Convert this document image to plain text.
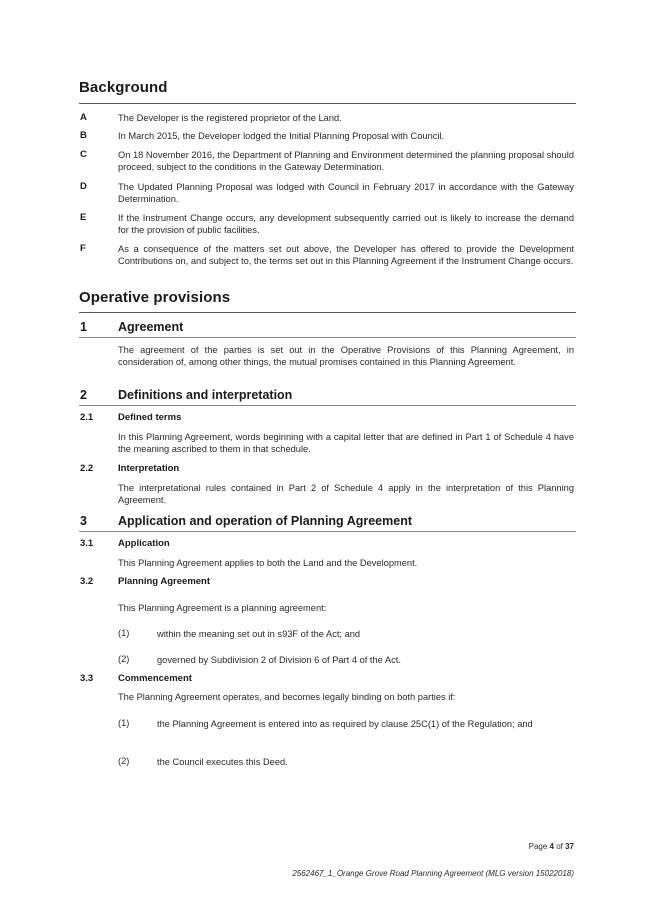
Background
A	The Developer is the registered proprietor of the Land.
B	In March 2015, the Developer lodged the Initial Planning Proposal with Council.
C	On 18 November 2016, the Department of Planning and Environment determined the planning proposal should proceed, subject to the conditions in the Gateway Determination.
D	The Updated Planning Proposal was lodged with Council in February 2017 in accordance with the Gateway Determination.
E	If the Instrument Change occurs, any development subsequently carried out is likely to increase the demand for the provision of public facilities.
F	As a consequence of the matters set out above, the Developer has offered to provide the Development Contributions on, and subject to, the terms set out in this Planning Agreement if the Instrument Change occurs.
Operative provisions
1 Agreement
The agreement of the parties is set out in the Operative Provisions of this Planning Agreement, in consideration of, among other things, the mutual promises contained in this Planning Agreement.
2 Definitions and interpretation
2.1	Defined terms
In this Planning Agreement, words beginning with a capital letter that are defined in Part 1 of Schedule 4 have the meaning ascribed to them in that schedule.
2.2	Interpretation
The interpretational rules contained in Part 2 of Schedule 4 apply in the interpretation of this Planning Agreement.
3 Application and operation of Planning Agreement
3.1	Application
This Planning Agreement applies to both the Land and the Development.
3.2	Planning Agreement
This Planning Agreement is a planning agreement:
(1)	within the meaning set out in s93F of the Act; and
(2)	governed by Subdivision 2 of Division 6 of Part 4 of the Act.
3.3	Commencement
The Planning Agreement operates, and becomes legally binding on both parties if:
(1)	the Planning Agreement is entered into as required by clause 25C(1) of the Regulation; and
(2)	the Council executes this Deed.
Page 4 of 37
2562467_1_Orange Grove Road Planning Agreement (MLG version 15022018)
